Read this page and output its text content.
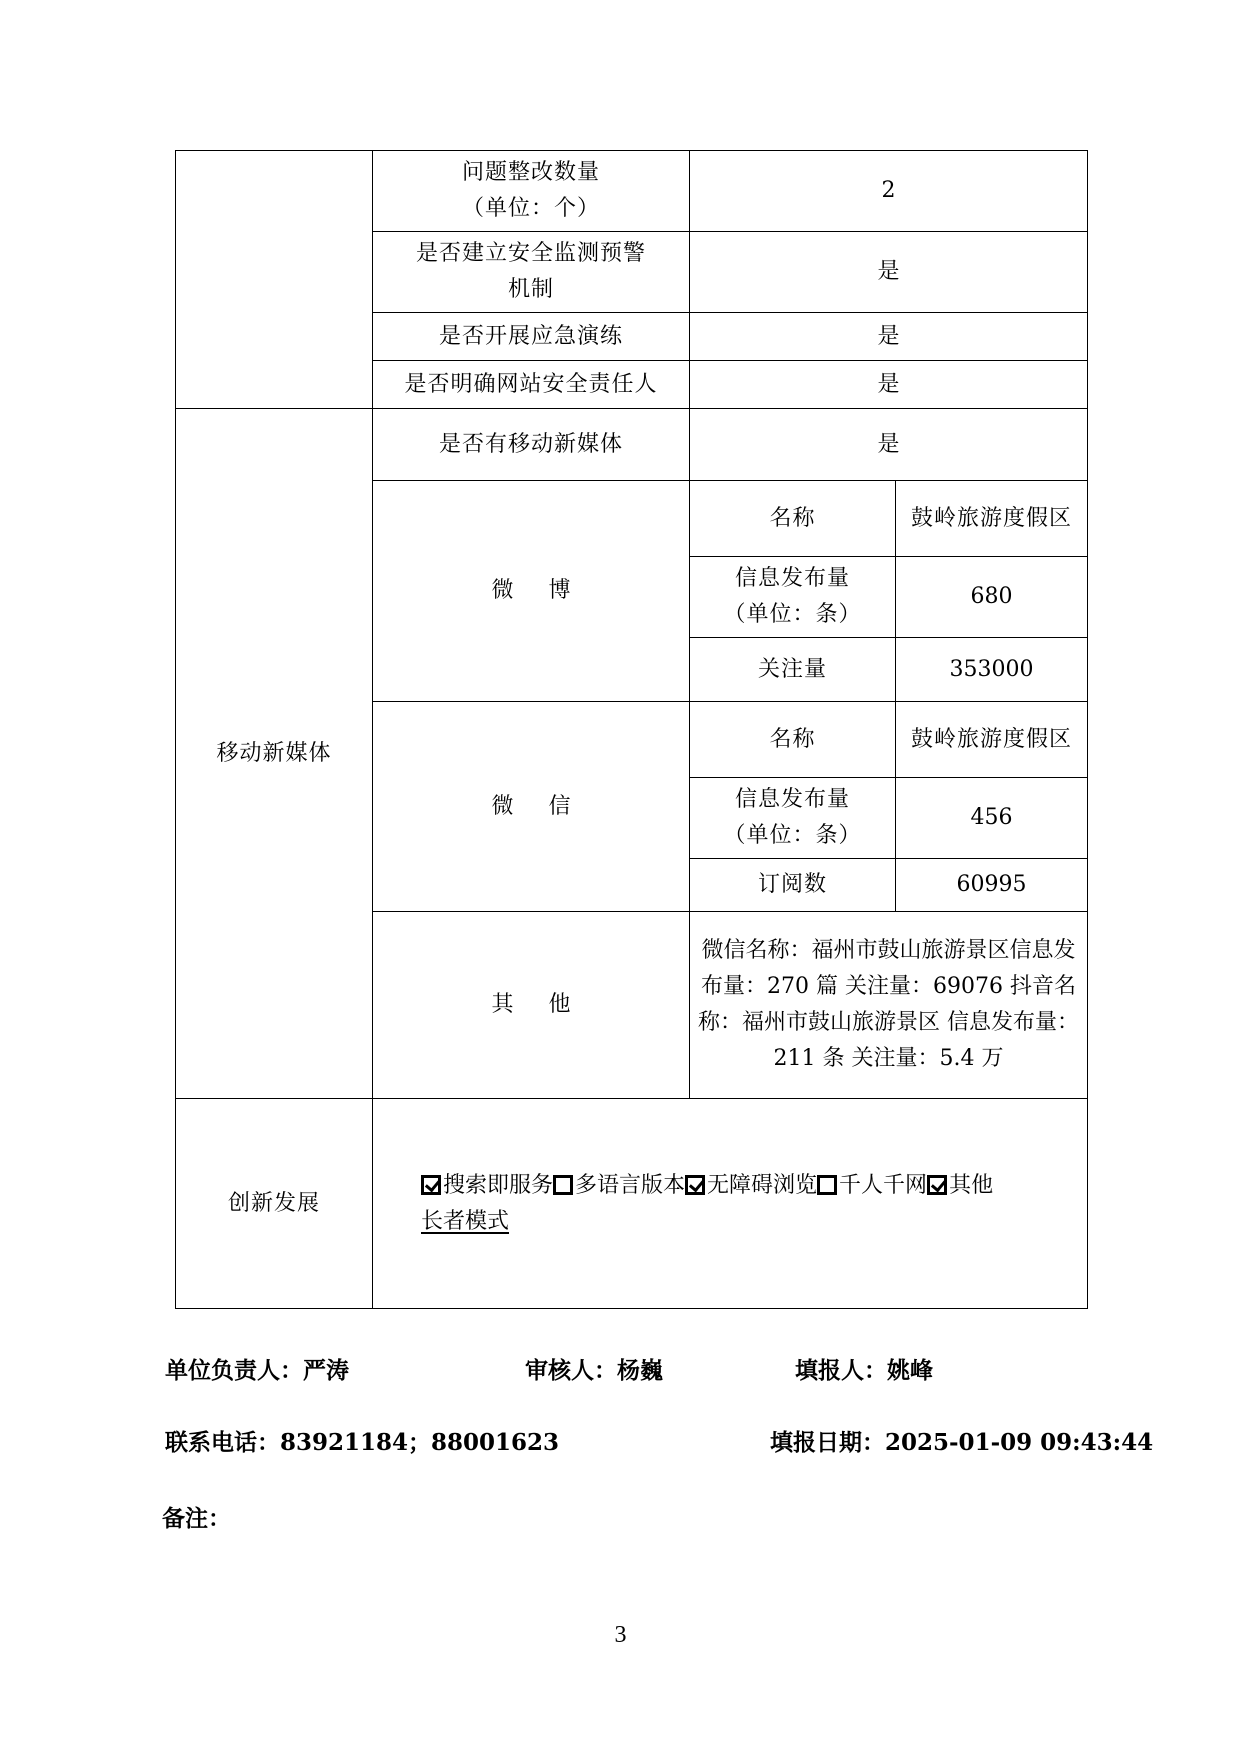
	问题整改数量
（单位：个）	2	

	是否建立安全监测预警
机制	是	
	是否开展应急演练	是	
	是否明确网站安全责任人	是	
移动新媒体	是否有移动新媒体	是	
	微 博	名称	鼓岭旅游度假区

		信息发布量
（单位：条）	680
		关注量	353000
	微 信	名称	鼓岭旅游度假区

		信息发布量
（单位：条）	456
		订阅数	60995
	其 他	微信名称：福州市鼓山旅游景区信息发布量：270 篇 关注量：69076 抖音名称：福州市鼓山旅游景区 信息发布量：211 条 关注量：5.4 万	
创新发展	搜索即服务 多语言版本 无障碍浏览 千人千网 其他
长者模式		
单位负责人：严涛	审核人：杨巍	填报人：姚峰
联系电话：83921184；88001623	填报日期：2025-01-09 09:43:44
备注：
3
